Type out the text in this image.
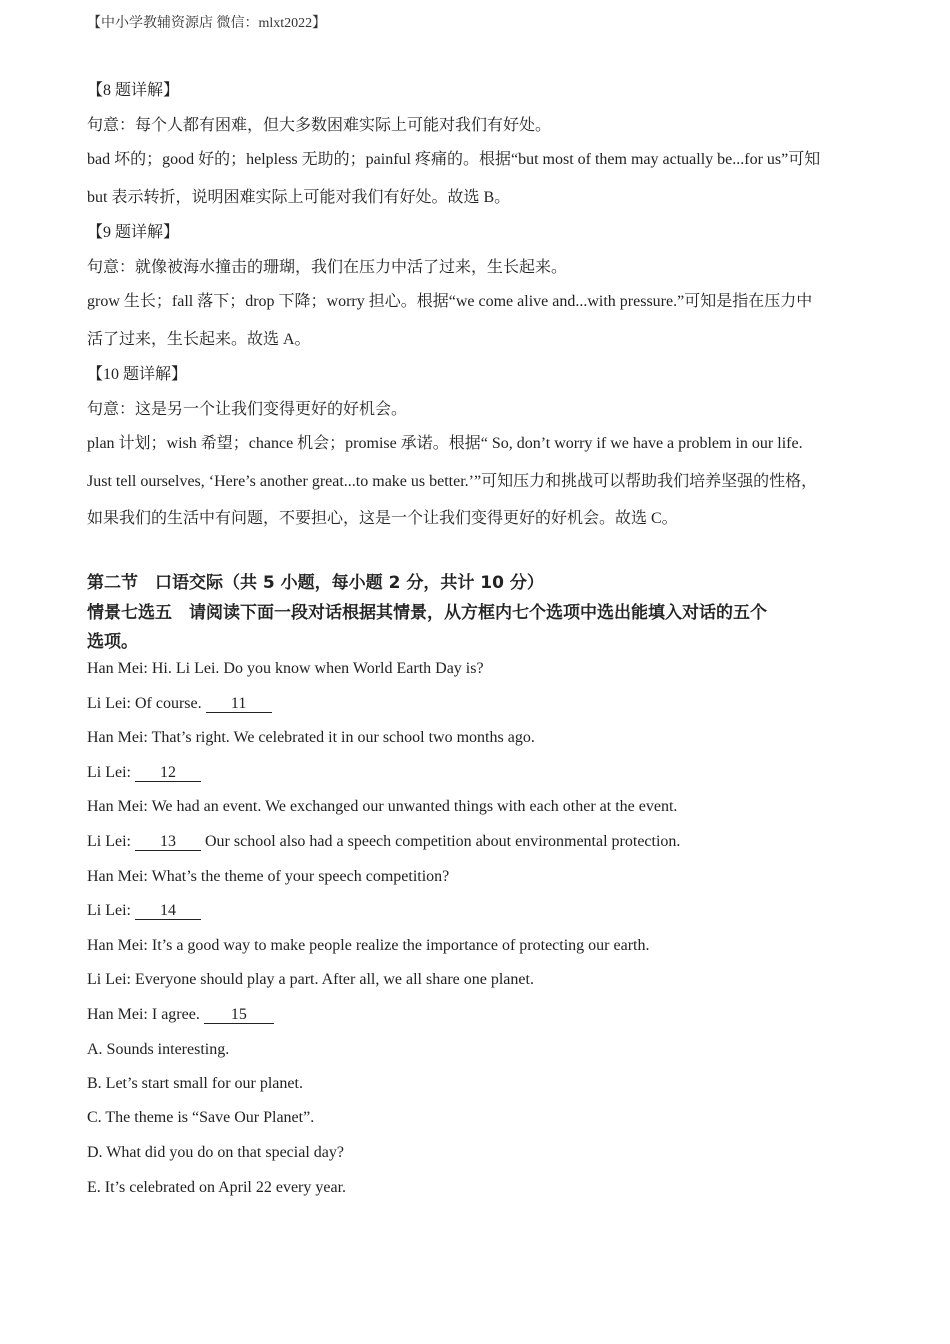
【中小学教辅资源店 微信：mlxt2022】
【8 题详解】
句意：每个人都有困难，但大多数困难实际上可能对我们有好处。
bad 坏的；good 好的；helpless 无助的；painful 疼痛的。根据“but most of them may actually be...for us”可知
but 表示转折，说明困难实际上可能对我们有好处。故选 B。
【9 题详解】
句意：就像被海水撞击的珊瑚，我们在压力中活了过来，生长起来。
grow 生长；fall 落下；drop 下降；worry 担心。根据“we come alive and...with pressure.”可知是指在压力中
活了过来，生长起来。故选 A。
【10 题详解】
句意：这是另一个让我们变得更好的好机会。
plan 计划；wish 希望；chance 机会；promise 承诺。根据“ So, don’t worry if we have a problem in our life.
Just tell ourselves, ‘Here’s another great...to make us better.’”可知压力和挑战可以帮助我们培养坚强的性格，
如果我们的生活中有问题，不要担心，这是一个让我们变得更好的好机会。故选 C。
第二节　口语交际（共 5 小题，每小题 2 分，共计 10 分）
情景七选五　请阅读下面一段对话根据其情景，从方框内七个选项中选出能填入对话的五个
选项。
Han Mei: Hi. Li Lei. Do you know when World Earth Day is?
Li Lei: Of course. 11
Han Mei: That’s right. We celebrated it in our school two months ago.
Li Lei: 12
Han Mei: We had an event. We exchanged our unwanted things with each other at the event.
Li Lei: 13 Our school also had a speech competition about environmental protection.
Han Mei: What’s the theme of your speech competition?
Li Lei: 14
Han Mei: It’s a good way to make people realize the importance of protecting our earth.
Li Lei: Everyone should play a part. After all, we all share one planet.
Han Mei: I agree. 15
A. Sounds interesting.
B. Let’s start small for our planet.
C. The theme is “Save Our Planet”.
D. What did you do on that special day?
E. It’s celebrated on April 22 every year.
